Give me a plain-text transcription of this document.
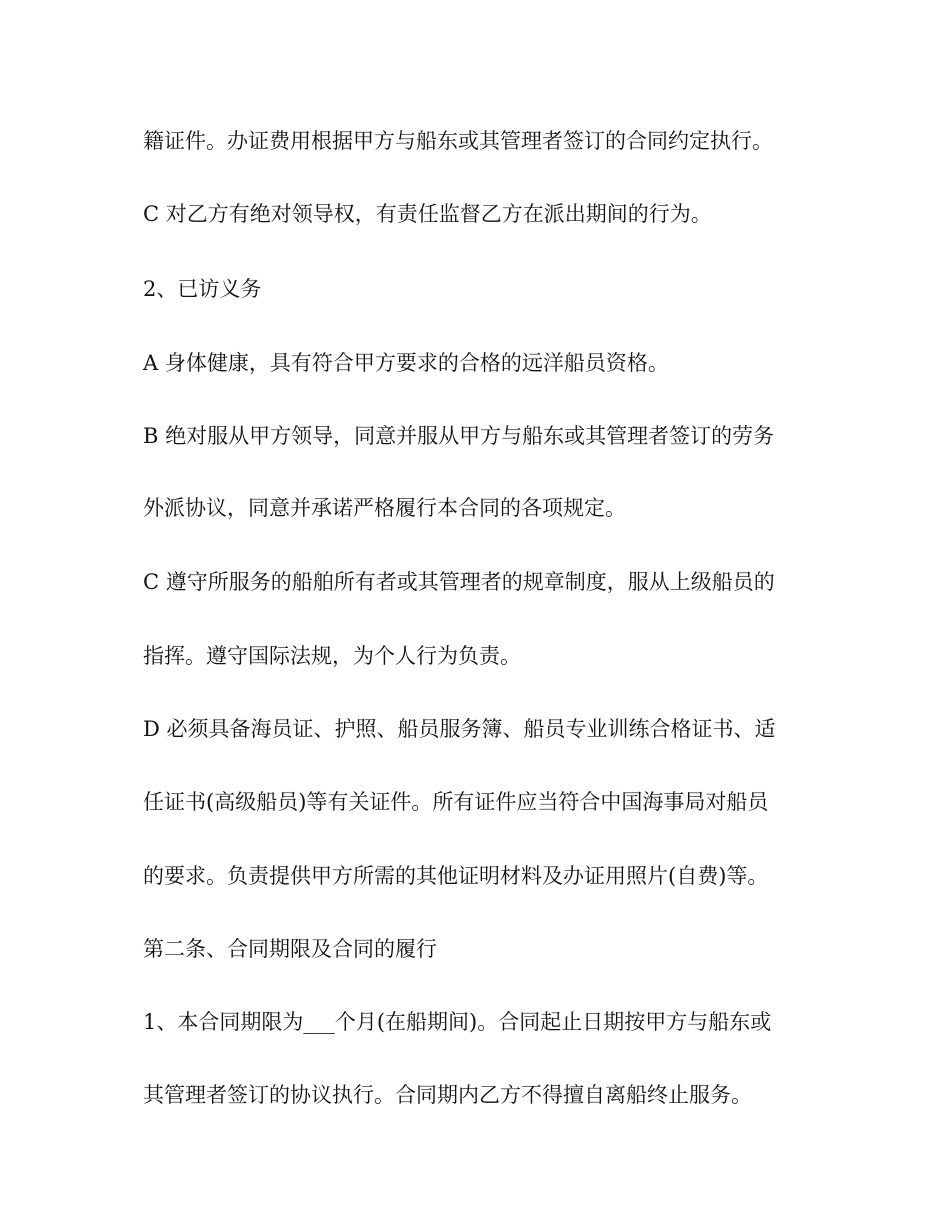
籍证件。办证费用根据甲方与船东或其管理者签订的合同约定执行。
C 对乙方有绝对领导权，有责任监督乙方在派出期间的行为。
2、已访义务
A 身体健康，具有符合甲方要求的合格的远洋船员资格。
B 绝对服从甲方领导，同意并服从甲方与船东或其管理者签订的劳务
外派协议，同意并承诺严格履行本合同的各项规定。
C 遵守所服务的船舶所有者或其管理者的规章制度，服从上级船员的
指挥。遵守国际法规，为个人行为负责。
D 必须具备海员证、护照、船员服务簿、船员专业训练合格证书、适
任证书(高级船员)等有关证件。所有证件应当符合中国海事局对船员
的要求。负责提供甲方所需的其他证明材料及办证用照片(自费)等。
第二条、合同期限及合同的履行
1、本合同期限为___个月(在船期间)。合同起止日期按甲方与船东或
其管理者签订的协议执行。合同期内乙方不得擅自离船终止服务。
